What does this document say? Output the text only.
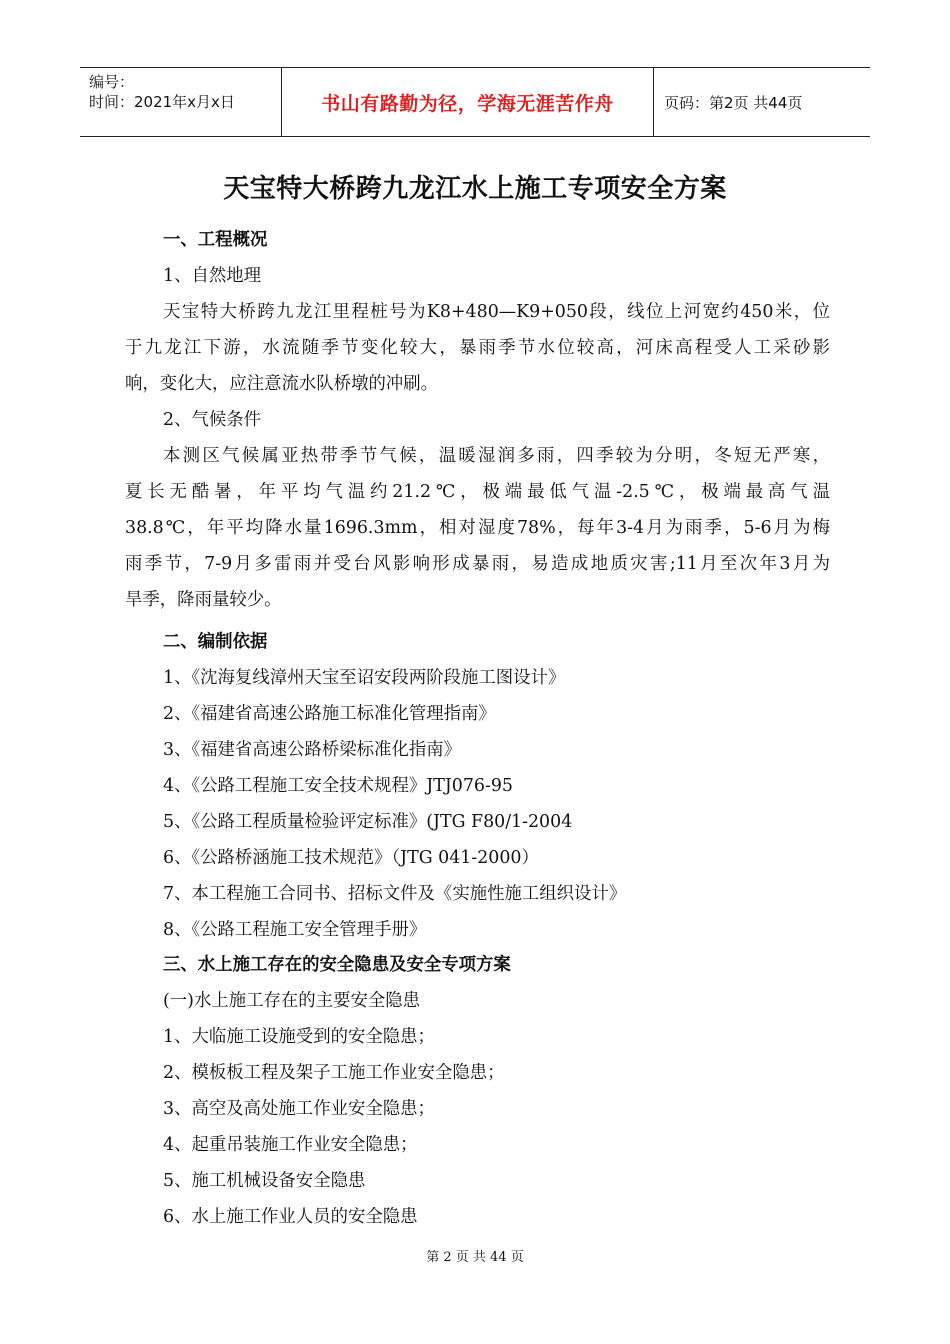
编号：
时间：2021年x月x日	书山有路勤为径，学海无涯苦作舟	页码：第2页 共44页
天宝特大桥跨九龙江水上施工专项安全方案
一、工程概况
1、自然地理
天宝特大桥跨九龙江里程桩号为K8+480—K9+050段，线位上河宽约450米，位
于九龙江下游，水流随季节变化较大，暴雨季节水位较高，河床高程受人工采砂影
响，变化大，应注意流水队桥墩的冲刷。
2、气候条件
本测区气候属亚热带季节气候，温暖湿润多雨，四季较为分明，冬短无严寒，
夏长无酷暑，年平均气温约21.2℃，极端最低气温-2.5℃，极端最高气温
38.8℃，年平均降水量1696.3mm，相对湿度78%，每年3-4月为雨季，5-6月为梅
雨季节，7-9月多雷雨并受台风影响形成暴雨，易造成地质灾害;11月至次年3月为
旱季，降雨量较少。
二、编制依据
1、《沈海复线漳州天宝至诏安段两阶段施工图设计》
2、《福建省高速公路施工标准化管理指南》
3、《福建省高速公路桥梁标准化指南》
4、《公路工程施工安全技术规程》JTJ076-95
5、《公路工程质量检验评定标准》(JTG F80/1-2004
6、《公路桥涵施工技术规范》（JTG 041-2000）
7、本工程施工合同书、招标文件及《实施性施工组织设计》
8、《公路工程施工安全管理手册》
三、水上施工存在的安全隐患及安全专项方案
(一)水上施工存在的主要安全隐患
1、大临施工设施受到的安全隐患；
2、模板板工程及架子工施工作业安全隐患；
3、高空及高处施工作业安全隐患；
4、起重吊装施工作业安全隐患；
5、施工机械设备安全隐患
6、水上施工作业人员的安全隐患
第 2 页 共 44 页
